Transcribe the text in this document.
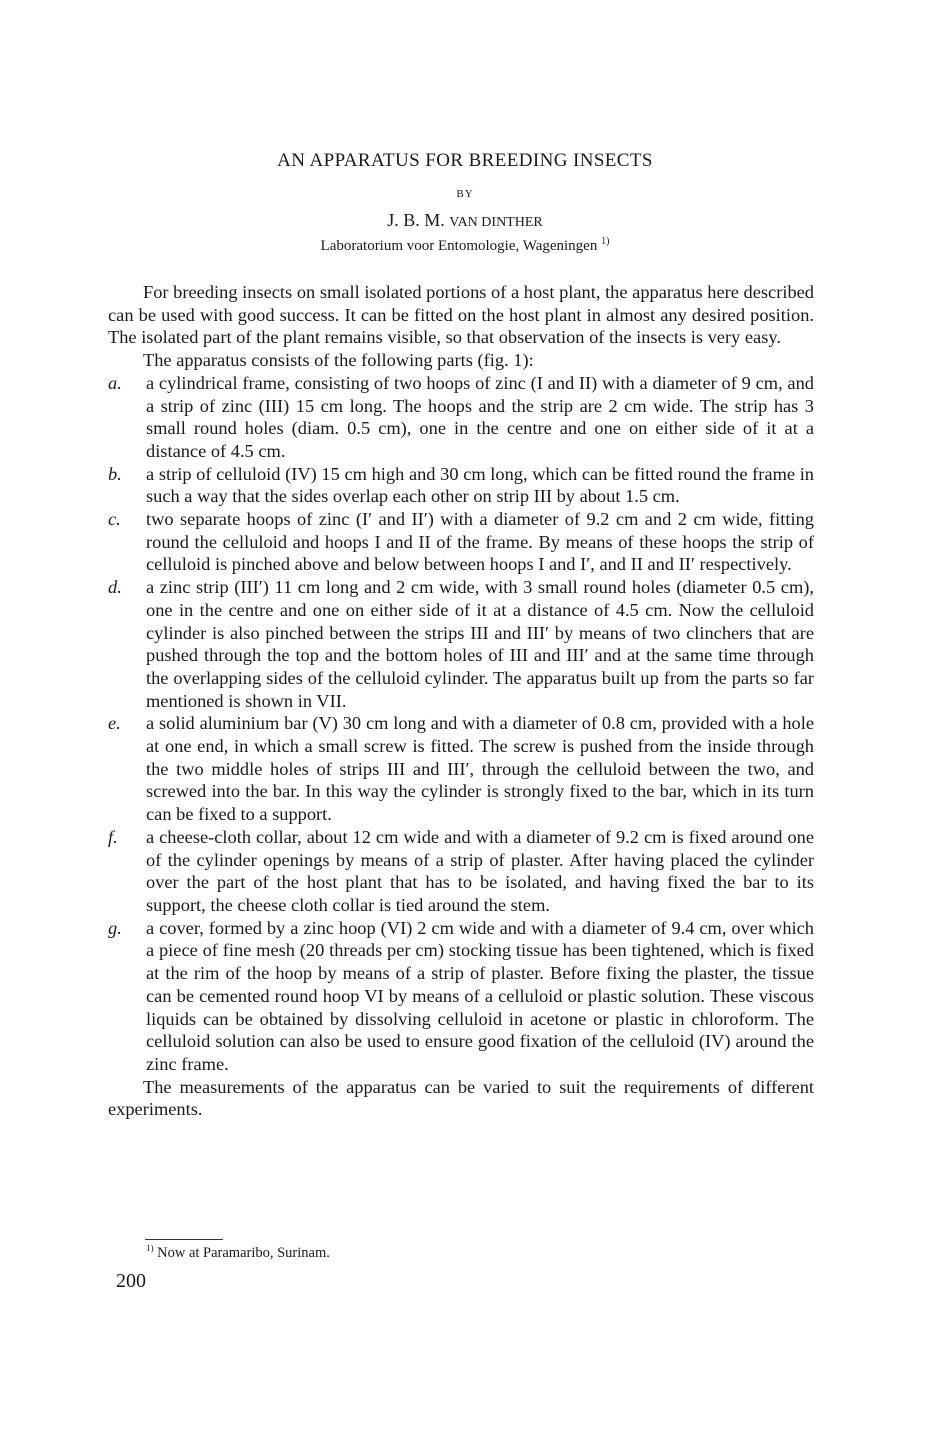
AN APPARATUS FOR BREEDING INSECTS
BY
J. B. M. VAN DINTHER
Laboratorium voor Entomologie, Wageningen $^{1)}$

For breeding insects on small isolated portions of a host plant, the apparatus here described can be used with good success. It can be fitted on the host plant in almost any desired position. The isolated part of the plant remains visible, so that observation of the insects is very easy.

The apparatus consists of the following parts (fig. 1):

a. a cylindrical frame, consisting of two hoops of zinc (I and II) with a diameter of 9 cm, and a strip of zinc (III) 15 cm long. The hoops and the strip are 2 cm wide. The strip has 3 small round holes (diam. 0.5 cm), one in the centre and one on either side of it at a distance of 4.5 cm.

b. a strip of celluloid (IV) 15 cm high and 30 cm long, which can be fitted round the frame in such a way that the sides overlap each other on strip III by about 1.5 cm.

c. two separate hoops of zinc (I′ and II′) with a diameter of 9.2 cm and 2 cm wide, fitting round the celluloid and hoops I and II of the frame. By means of these hoops the strip of celluloid is pinched above and below between hoops I and I′, and II and II′ respectively.

d. a zinc strip (III′) 11 cm long and 2 cm wide, with 3 small round holes (diameter 0.5 cm), one in the centre and one on either side of it at a distance of 4.5 cm. Now the celluloid cylinder is also pinched between the strips III and III′ by means of two clinchers that are pushed through the top and the bottom holes of III and III′ and at the same time through the overlapping sides of the celluloid cylinder. The apparatus built up from the parts so far mentioned is shown in VII.

e. a solid aluminium bar (V) 30 cm long and with a diameter of 0.8 cm, provided with a hole at one end, in which a small screw is fitted. The screw is pushed from the inside through the two middle holes of strips III and III′, through the celluloid between the two, and screwed into the bar. In this way the cylinder is strongly fixed to the bar, which in its turn can be fixed to a support.

f. a cheese-cloth collar, about 12 cm wide and with a diameter of 9.2 cm is fixed around one of the cylinder openings by means of a strip of plaster. After having placed the cylinder over the part of the host plant that has to be isolated, and having fixed the bar to its support, the cheese cloth collar is tied around the stem.

g. a cover, formed by a zinc hoop (VI) 2 cm wide and with a diameter of 9.4 cm, over which a piece of fine mesh (20 threads per cm) stocking tissue has been tightened, which is fixed at the rim of the hoop by means of a strip of plaster. Before fixing the plaster, the tissue can be cemented round hoop VI by means of a celluloid or plastic solution. These viscous liquids can be obtained by dissolving celluloid in acetone or plastic in chloroform. The celluloid solution can also be used to ensure good fixation of the celluloid (IV) around the zinc frame.

The measurements of the apparatus can be varied to suit the requirements of different experiments.

$^{1)}$ Now at Paramaribo, Surinam.
200
